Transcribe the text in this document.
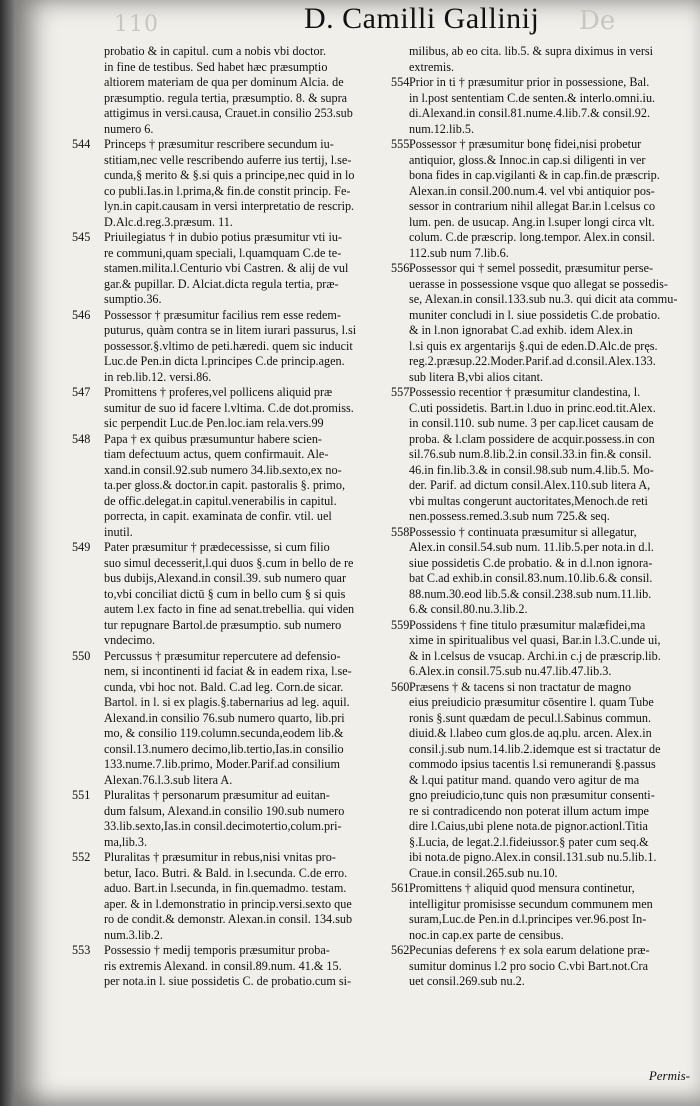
110	D. Camilli Gallinij De
probatio & in capitul. cum a nobis vbi doctor.
in fine de testibus. Sed habet hæc præsumptio
altiorem materiam de qua per dominum Alcia. de
præsumptio. regula tertia, præsumptio. 8. & supra
attigimus in versi.causa, Crauet.in consilio 253.sub
numero 6.
544 Princeps † præsumitur rescribere secundum iu-
stitiam,nec velle rescribendo auferre ius tertij, l.se-
cunda,§ merito & §.si quis a principe,nec quid in lo
co publi.Ias.in l.prima,& fin.de constit princip. Fe-
lyn.in capit.causam in versi interpretatio de rescrip.
D.Alc.d.reg.3.præsum. 11.
545 Priuilegiatus † in dubio potius præsumitur vti iu-
re communi,quam speciali, l.quamquam C.de te-
stamen.milita.l.Centurio vbi Castren. & alij de vul
gar.& pupillar. D. Alciat.dicta regula tertia, præ-
sumptio.36.
546 Possessor † præsumitur facilius rem esse redem-
puturus, quàm contra se in litem iurari passurus, l.si
possessor.§.vltimo de peti.hæredi. quem sic inducit
Luc.de Pen.in dicta l.principes C.de princip.agen.
in reb.lib.12. versi.86.
547 Promittens † proferes,vel pollicens aliquid præ
sumitur de suo id facere l.vltima. C.de dot.promiss.
sic perpendit Luc.de Pen.loc.iam rela.vers.99
548 Papa † ex quibus præsumuntur habere scien-
tiam defectuum actus, quem confirmauit. Ale-
xand.in consil.92.sub numero 34.lib.sexto,ex no-
ta.per gloss.& doctor.in capit. pastoralis §. primo,
de offic.delegat.in capitul.venerabilis in capitul.
porrecta, in capit. examinata de confir. vtil. uel
inutil.
549 Pater præsumitur † prædecessisse, si cum filio
suo simul decesserit,l.qui duos §.cum in bello de re
bus dubijs,Alexand.in consil.39. sub numero quar
to,vbi conciliat dictū § cum in bello cum § si quis
autem l.ex facto in fine ad senat.trebellia. qui viden
tur repugnare Bartol.de præsumptio. sub numero
vndecimo.
550 Percussus † præsumitur repercutere ad defensio-
nem, si incontinenti id faciat & in eadem rixa, l.se-
cunda, vbi hoc not. Bald. C.ad leg. Corn.de sicar.
Bartol. in l. si ex plagis.§.tabernarius ad leg. aquil.
Alexand.in consilio 76.sub numero quarto, lib.pri
mo, & consilio 119.column.secunda,eodem lib.&
consil.13.numero decimo,lib.tertio,Ias.in consilio
133.nume.7.lib.primo, Moder.Parif.ad consilium
Alexan.76.l.3.sub litera A.
551 Pluralitas † personarum præsumitur ad euitan-
dum falsum, Alexand.in consilio 190.sub numero
33.lib.sexto,Ias.in consil.decimotertio,colum.pri-
ma,lib.3.
552 Pluralitas † præsumitur in rebus,nisi vnitas pro-
betur, Iaco. Butri. & Bald. in l.secunda. C.de erro.
aduo. Bart.in l.secunda, in fin.quemadmo. testam.
aper. & in l.demonstratio in princip.versi.sexto que
ro de condit.& demonstr. Alexan.in consil. 134.sub
num.3.lib.2.
553 Possessio † medij temporis præsumitur proba-
ris extremis Alexand. in consil.89.num. 41.& 15.
per nota.in l. siue possidetis C. de probatio.cum si-
milibus, ab eo cita. lib.5. & supra diximus in versi
extremis.
554 Prior in ti † præsumitur prior in possessione, Bal.
in l.post sententiam C.de senten.& interlo.omni.iu.
di.Alexand.in consil.81.nume.4.lib.7.& consil.92.
num.12.lib.5.
555 Possessor † præsumitur bonę fidei,nisi probetur
antiquior, gloss.& Innoc.in cap.si diligenti in ver
bona fides in cap.vigilanti & in cap.fin.de præscrip.
Alexan.in consil.200.num.4. vel vbi antiquior pos-
sessor in contrarium nihil allegat Bar.in l.celsus co
lum. pen. de usucap. Ang.in l.super longi circa vlt.
colum. C.de præscrip. long.tempor. Alex.in consil.
112.sub num 7.lib.6.
556 Possessor qui † semel possedit, præsumitur perse-
uerasse in possessione vsque quo allegat se possedis-
se, Alexan.in consil.133.sub nu.3. qui dicit ata commu-
muniter concludi in l. siue possidetis C.de probatio.
& in l.non ignorabat C.ad exhib. idem Alex.in
l.si quis ex argentarijs §.qui de eden.D.Alc.de pręs.
reg.2.præsup.22.Moder.Parif.ad d.consil.Alex.133.
sub litera B,vbi alios citant.
557 Possessio recentior † præsumitur clandestina, l.
C.uti possidetis. Bart.in l.duo in princ.eod.tit.Alex.
in consil.110. sub nume. 3 per cap.licet causam de
proba. & l.clam possidere de acquir.possess.in con
sil.76.sub num.8.lib.2.in consil.33.in fin.& consil.
46.in fin.lib.3.& in consil.98.sub num.4.lib.5. Mo-
der. Parif. ad dictum consil.Alex.110.sub litera A,
vbi multas congerunt auctoritates,Menoch.de reti
nen.possess.remed.3.sub num 725.& seq.
558 Possessio † continuata præsumitur si allegatur,
Alex.in consil.54.sub num. 11.lib.5.per nota.in d.l.
siue possidetis C.de probatio. & in d.l.non ignora-
bat C.ad exhib.in consil.83.num.10.lib.6.& consil.
88.num.30.eod lib.5.& consil.238.sub num.11.lib.
6.& consil.80.nu.3.lib.2.
559 Possidens † fine titulo præsumitur malæfidei,ma
xime in spiritualibus vel quasi, Bar.in l.3.C.unde ui,
& in l.celsus de vsucap. Archi.in c.j de præscrip.lib.
6.Alex.in consil.75.sub nu.47.lib.47.lib.3.
560 Præsens † & tacens si non tractatur de magno
eius preiudicio præsumitur cōsentire l. quam Tube
ronis §.sunt quædam de pecul.l.Sabinus commun.
diuid.& l.labeo cum glos.de aq.plu. arcen. Alex.in
consil.j.sub num.14.lib.2.idemque est si tractatur de
commodo ipsius tacentis l.si remunerandi §.passus
& l.qui patitur mand. quando vero agitur de ma
gno preiudicio,tunc quis non præsumitur consenti-
re si contradicendo non poterat illum actum impe
dire l.Caius,ubi plene nota.de pignor.actionl.Titia
§.Lucia, de legat.2.l.fideiussor.§ pater cum seq.&
ibi nota.de pigno.Alex.in consil.131.sub nu.5.lib.1.
Craue.in consil.265.sub nu.10.
561 Promittens † aliquid quod mensura continetur,
intelligitur promisisse secundum communem men
suram,Luc.de Pen.in d.l.principes ver.96.post In-
noc.in cap.ex parte de censibus.
562 Pecunias deferens † ex sola earum delatione præ-
sumitur dominus l.2 pro socio C.vbi Bart.not.Cra
uet consil.269.sub nu.2.
Permis-
